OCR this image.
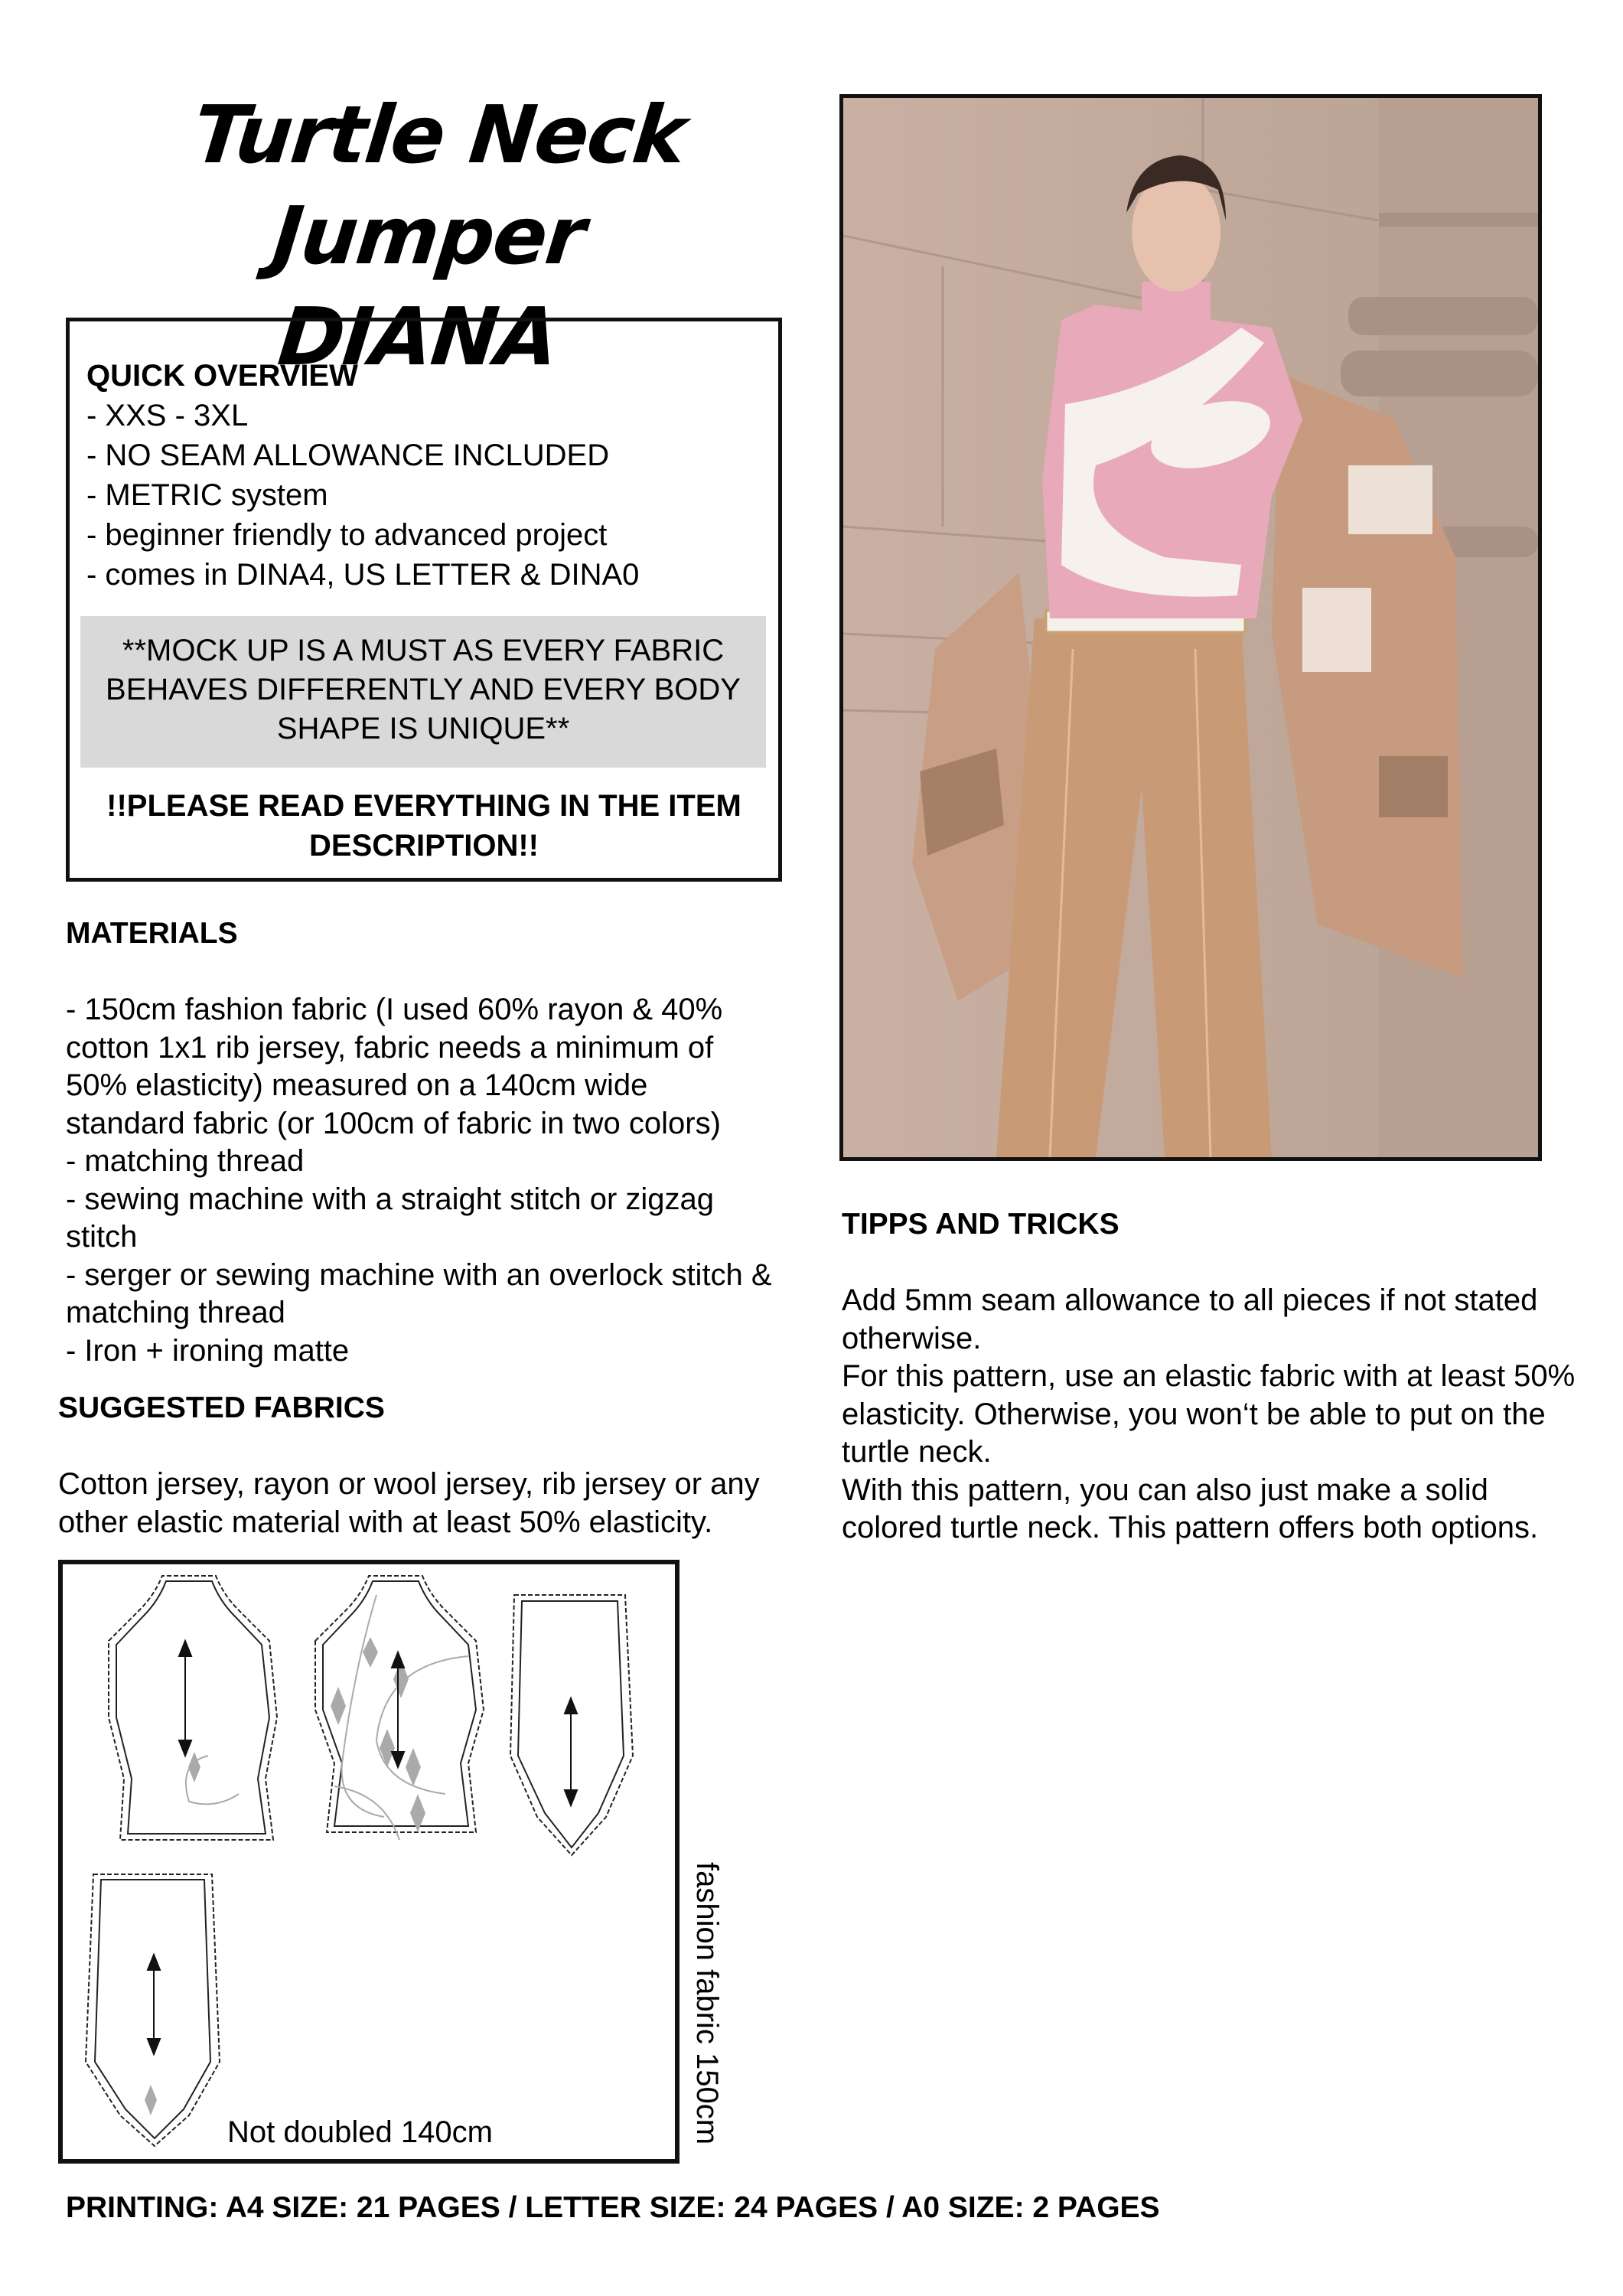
Turtle Neck Jumper
DIANA
QUICK OVERVIEW
- XXS - 3XL
- NO SEAM ALLOWANCE INCLUDED
- METRIC system
- beginner friendly to advanced project
- comes in DINA4, US LETTER & DINA0
**MOCK UP IS A MUST AS EVERY FABRIC BEHAVES DIFFERENTLY AND EVERY BODY SHAPE IS UNIQUE**
!!PLEASE READ EVERYTHING IN THE ITEM DESCRIPTION!!
MATERIALS
- 150cm fashion fabric (I used 60% rayon & 40% cotton 1x1 rib jersey, fabric needs a minimum of 50% elasticity) measured on a 140cm wide standard fabric (or 100cm of fabric in two colors)
- matching thread
- sewing machine with a straight stitch or zigzag stitch
- serger or sewing machine with an overlock stitch & matching thread
- Iron + ironing matte
SUGGESTED FABRICS
Cotton jersey, rayon or wool jersey, rib jersey or any other elastic material with at least 50% elasticity.
TIPPS AND TRICKS
Add 5mm seam allowance to all pieces if not stated otherwise.
For this pattern, use an elastic fabric with at least 50% elasticity. Otherwise, you won‘t be able to put on the turtle neck.
With this pattern, you can also just make a solid colored turtle neck. This pattern offers both options.
Not doubled 140cm	fashion fabric 150cm
PRINTING: A4 SIZE: 21 PAGES / LETTER SIZE: 24 PAGES / A0 SIZE: 2 PAGES
